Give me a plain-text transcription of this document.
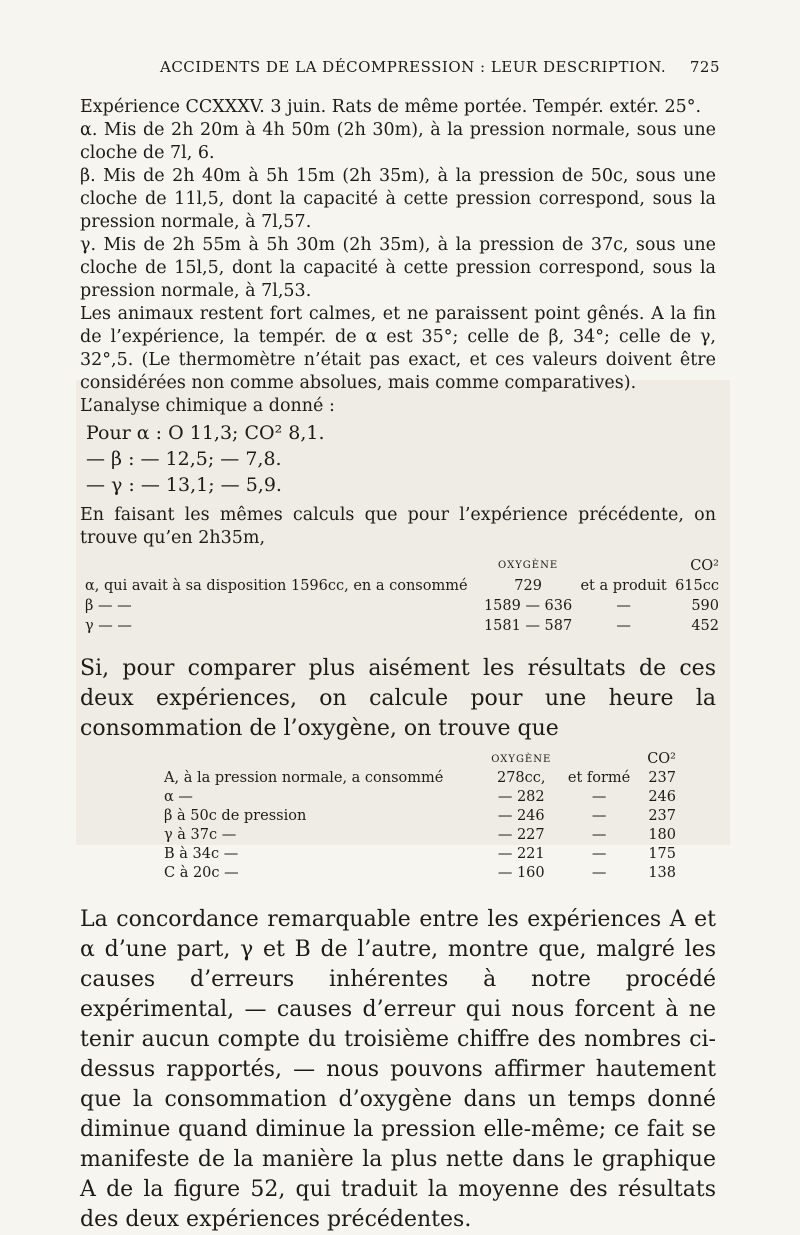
ACCIDENTS DE LA DÉCOMPRESSION : LEUR DESCRIPTION. 725

Expérience CCXXXV. 3 juin. Rats de même portée. Tempér. extér. 25°.

α. Mis de 2h 20m à 4h 50m (2h 30m), à la pression normale, sous une cloche de 7l, 6.

β. Mis de 2h 40m à 5h 15m (2h 35m), à la pression de 50c, sous une cloche de 11l,5, dont la capacité à cette pression correspond, sous la pression normale, à 7l,57.

γ. Mis de 2h 55m à 5h 30m (2h 35m), à la pression de 37c, sous une cloche de 15l,5, dont la capacité à cette pression correspond, sous la pression normale, à 7l,53.

Les animaux restent fort calmes, et ne paraissent point gênés. A la fin de l’expérience, la tempér. de α est 35°; celle de β, 34°; celle de γ, 32°,5. (Le thermomètre n’était pas exact, et ces valeurs doivent être considérées non comme absolues, mais comme comparatives).

L’analyse chimique a donné :

Pour α : O 11,3; CO² 8,1.
— β : — 12,5; — 7,8.
— γ : — 13,1; — 5,9.

En faisant les mêmes calculs que pour l’expérience précédente, on trouve qu’en 2h35m,

	OXYGÈNE		CO²
α, qui avait à sa disposition 1596cc, en a consommé	729	et a produit	615cc
β — —	1589 — 636	—	590
γ — —	1581 — 587	—	452

Si, pour comparer plus aisément les résultats de ces deux expériences, on calcule pour une heure la consommation de l’oxygène, on trouve que

	OXYGÈNE		CO²
A, à la pression normale, a consommé	278cc,	et formé	237
α —	— 282	—	246
β à 50c de pression	— 246	—	237
γ à 37c —	— 227	—	180
B à 34c —	— 221	—	175
C à 20c —	— 160	—	138

La concordance remarquable entre les expériences A et α d’une part, γ et B de l’autre, montre que, malgré les causes d’erreurs inhérentes à notre procédé expérimental, — causes d’erreur qui nous forcent à ne tenir aucun compte du troisième chiffre des nombres ci-dessus rapportés, — nous pouvons affirmer hautement que la consommation d’oxygène dans un temps donné diminue quand diminue la pression elle-même; ce fait se manifeste de la manière la plus nette dans le graphique A de la figure 52, qui traduit la moyenne des résultats des deux expériences précédentes.
